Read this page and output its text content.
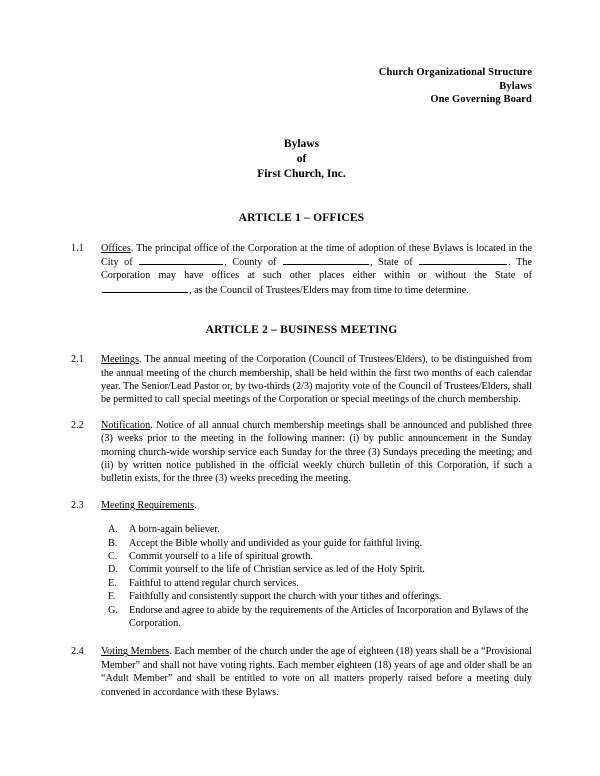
Church Organizational Structure
Bylaws
One Governing Board
Bylaws
of
First Church, Inc.
ARTICLE 1 – OFFICES
1.1	Offices. The principal office of the Corporation at the time of adoption of these Bylaws is located in the City of	, County of	, State of	. The Corporation may have offices at such other places either within or without the State of , as the Council of Trustees/Elders may from time to time determine.
ARTICLE 2 – BUSINESS MEETING
2.1	Meetings. The annual meeting of the Corporation (Council of Trustees/Elders), to be distinguished from the annual meeting of the church membership, shall be held within the first two months of each calendar year. The Senior/Lead Pastor or, by two-thirds (2/3) majority vote of the Council of Trustees/Elders, shall be permitted to call special meetings of the Corporation or special meetings of the church membership.
2.2	Notification. Notice of all annual church membership meetings shall be announced and published three (3) weeks prior to the meeting in the following manner: (i) by public announcement in the Sunday morning church-wide worship service each Sunday for the three (3) Sundays preceding the meeting; and (ii) by written notice published in the official weekly church bulletin of this Corporation, if such a bulletin exists, for the three (3) weeks preceding the meeting.
2.3	Meeting Requirements.
A.	A born-again believer.
B.	Accept the Bible wholly and undivided as your guide for faithful living.
C.	Commit yourself to a life of spiritual growth.
D.	Commit yourself to the life of Christian service as led of the Holy Spirit.
E.	Faithful to attend regular church services.
F.	Faithfully and consistently support the church with your tithes and offerings.
G.	Endorse and agree to abide by the requirements of the Articles of Incorporation and Bylaws of the Corporation.
2.4	Voting Members. Each member of the church under the age of eighteen (18) years shall be a “Provisional Member” and shall not have voting rights. Each member eighteen (18) years of age and older shall be an “Adult Member” and shall be entitled to vote on all matters properly raised before a meeting duly convened in accordance with these Bylaws.
